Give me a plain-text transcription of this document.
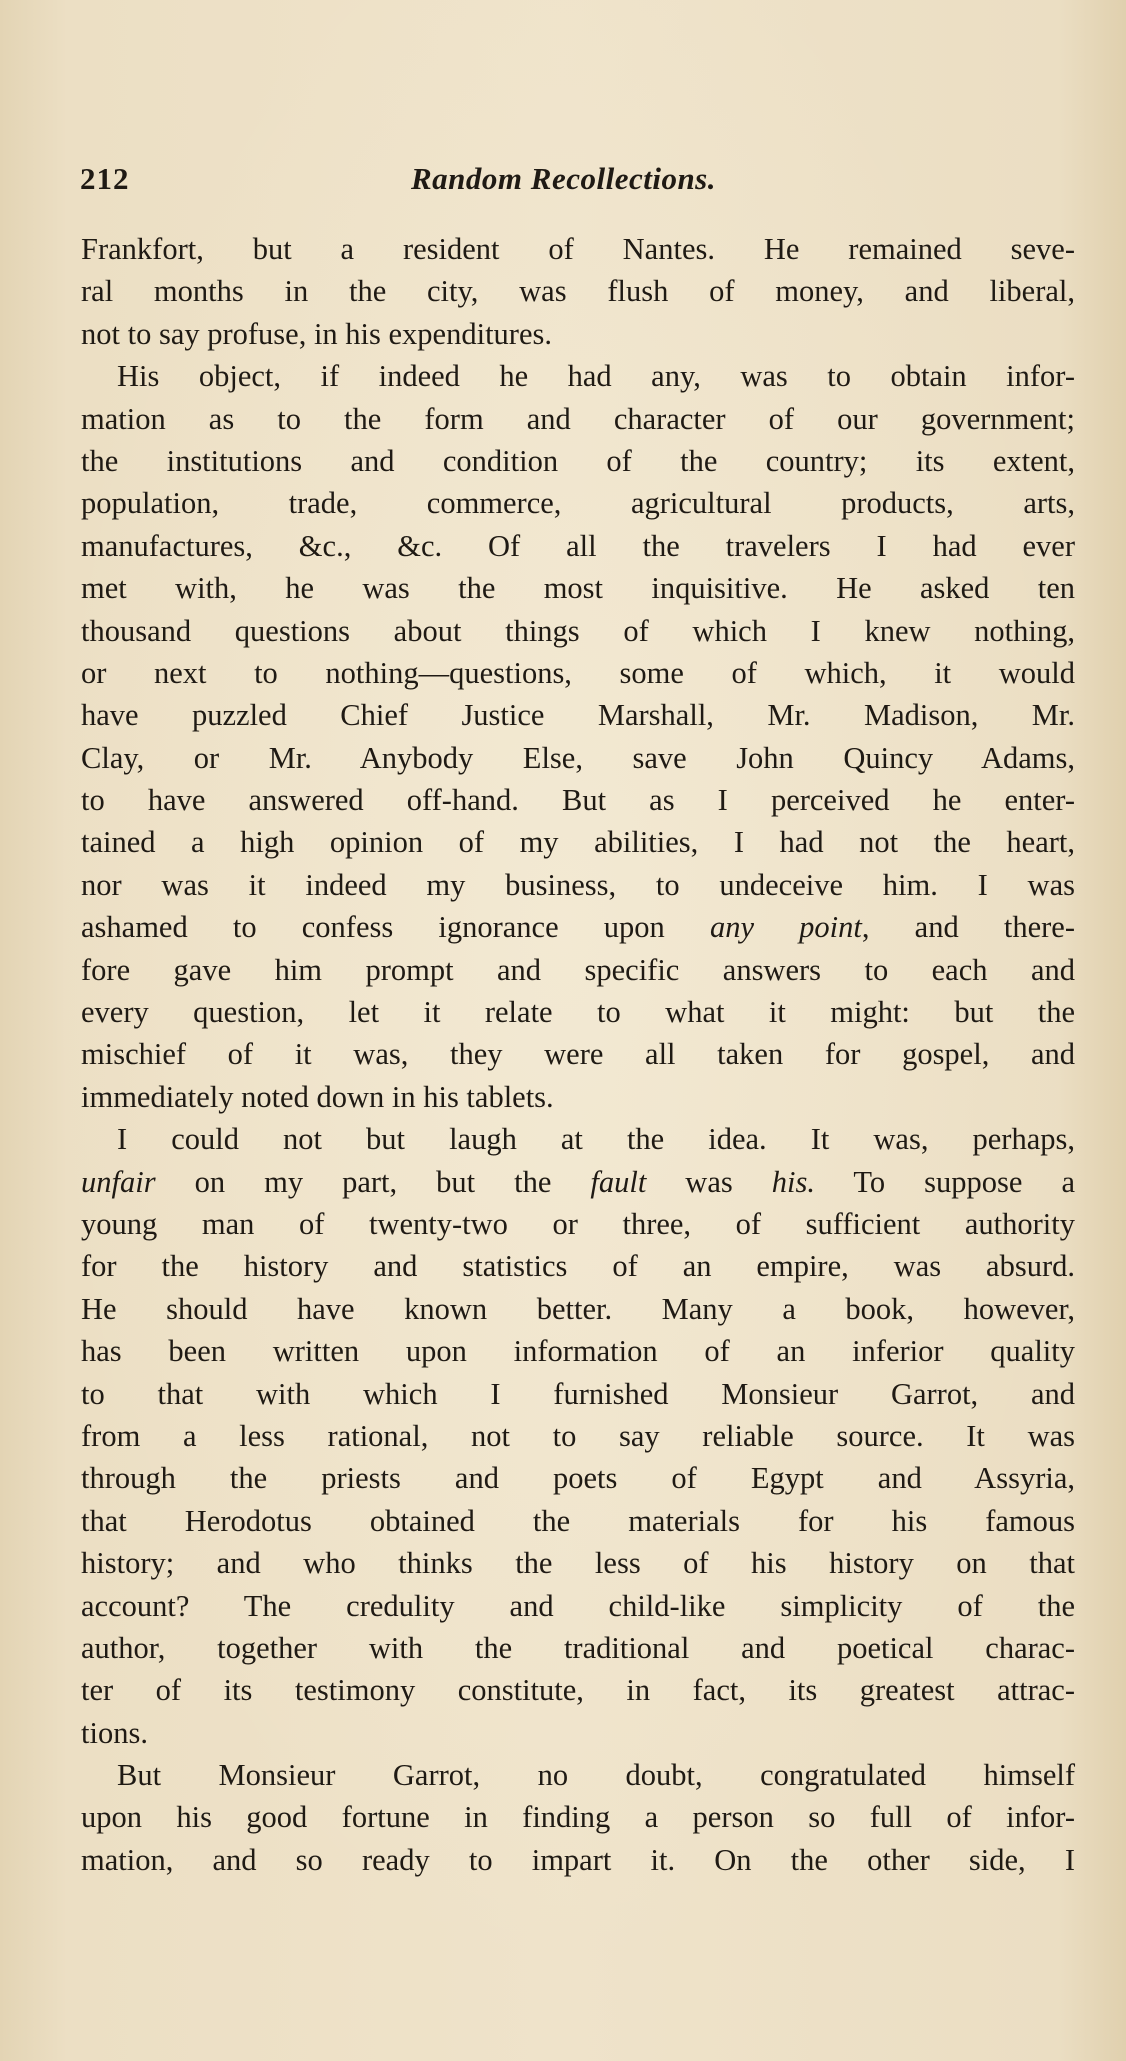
212	Random Recollections.
Frankfort, but a resident of Nantes. He remained seve-
ral months in the city, was flush of money, and liberal,
not to say profuse, in his expenditures.
His object, if indeed he had any, was to obtain infor-
mation as to the form and character of our government;
the institutions and condition of the country; its extent,
population, trade, commerce, agricultural products, arts,
manufactures, &c., &c. Of all the travelers I had ever
met with, he was the most inquisitive. He asked ten
thousand questions about things of which I knew nothing,
or next to nothing—questions, some of which, it would
have puzzled Chief Justice Marshall, Mr. Madison, Mr.
Clay, or Mr. Anybody Else, save John Quincy Adams,
to have answered off-hand. But as I perceived he enter-
tained a high opinion of my abilities, I had not the heart,
nor was it indeed my business, to undeceive him. I was
ashamed to confess ignorance upon any point, and there-
fore gave him prompt and specific answers to each and
every question, let it relate to what it might: but the
mischief of it was, they were all taken for gospel, and
immediately noted down in his tablets.
I could not but laugh at the idea. It was, perhaps,
unfair on my part, but the fault was his. To suppose a
young man of twenty-two or three, of sufficient authority
for the history and statistics of an empire, was absurd.
He should have known better. Many a book, however,
has been written upon information of an inferior quality
to that with which I furnished Monsieur Garrot, and
from a less rational, not to say reliable source. It was
through the priests and poets of Egypt and Assyria,
that Herodotus obtained the materials for his famous
history; and who thinks the less of his history on that
account? The credulity and child-like simplicity of the
author, together with the traditional and poetical charac-
ter of its testimony constitute, in fact, its greatest attrac-
tions.
But Monsieur Garrot, no doubt, congratulated himself
upon his good fortune in finding a person so full of infor-
mation, and so ready to impart it. On the other side, I
